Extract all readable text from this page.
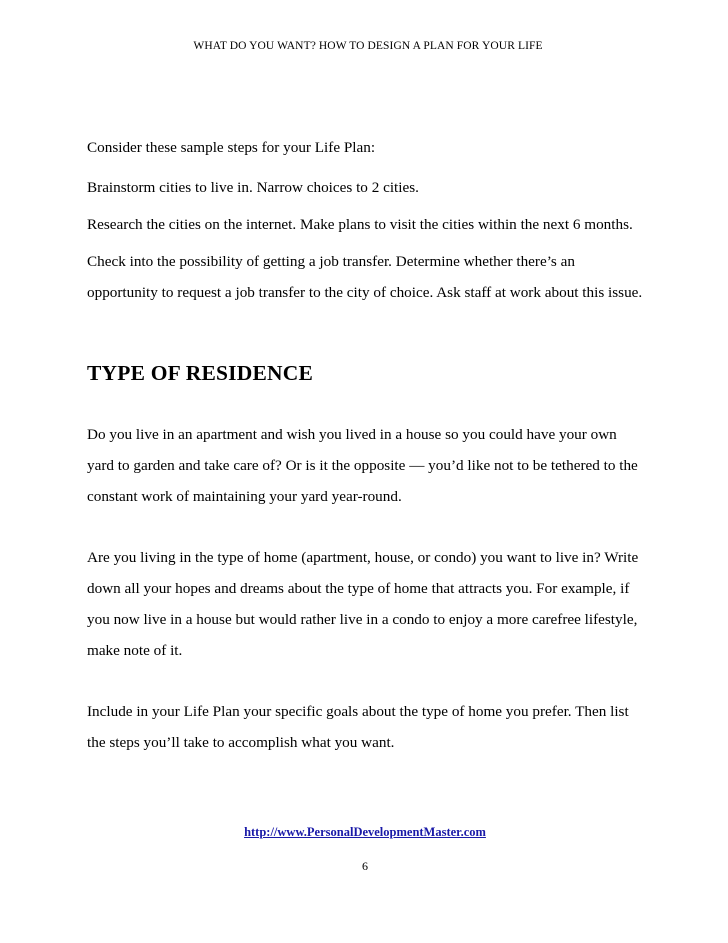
WHAT DO YOU WANT? HOW TO DESIGN A PLAN FOR YOUR LIFE

Consider these sample steps for your Life Plan:

Brainstorm cities to live in. Narrow choices to 2 cities.

Research the cities on the internet. Make plans to visit the cities within the next 6 months.

Check into the possibility of getting a job transfer. Determine whether there’s an opportunity to request a job transfer to the city of choice. Ask staff at work about this issue.

TYPE OF RESIDENCE

Do you live in an apartment and wish you lived in a house so you could have your own yard to garden and take care of? Or is it the opposite — you’d like not to be tethered to the constant work of maintaining your yard year-round.

Are you living in the type of home (apartment, house, or condo) you want to live in? Write down all your hopes and dreams about the type of home that attracts you. For example, if you now live in a house but would rather live in a condo to enjoy a more carefree lifestyle, make note of it.

Include in your Life Plan your specific goals about the type of home you prefer. Then list the steps you’ll take to accomplish what you want.

http://www.PersonalDevelopmentMaster.com
6
